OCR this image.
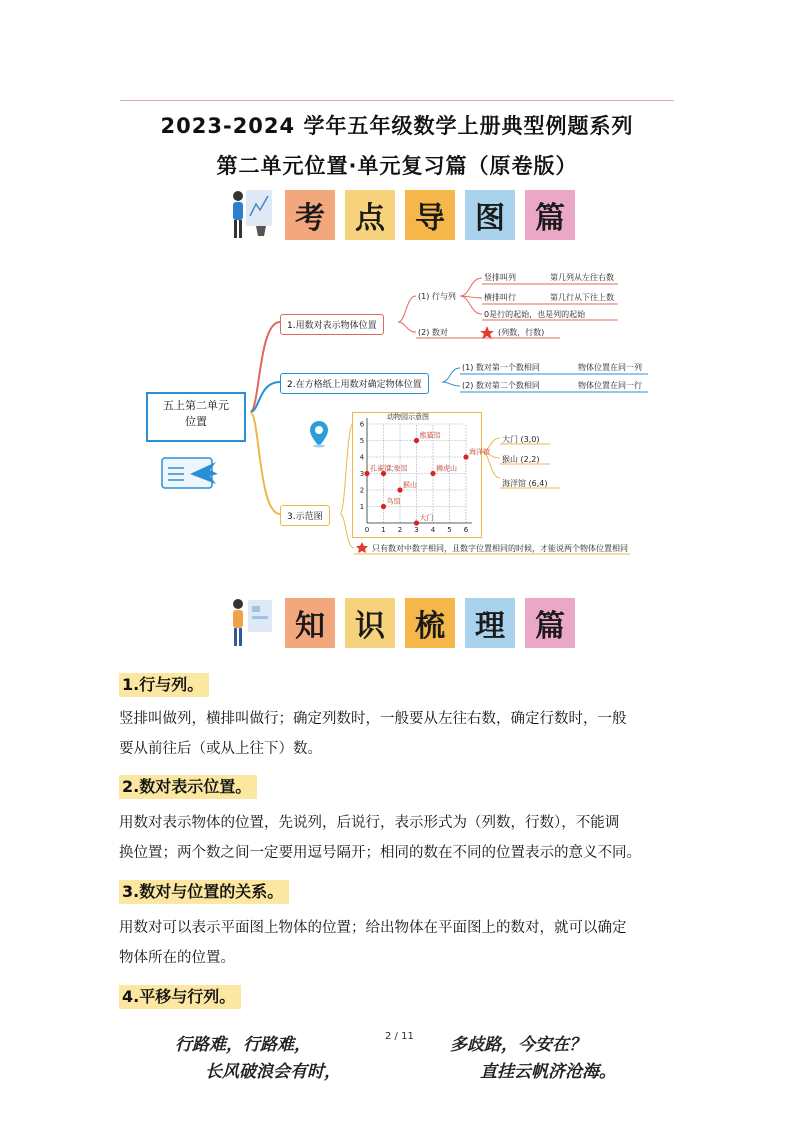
2023-2024 学年五年级数学上册典型例题系列
第二单元位置·单元复习篇（原卷版）
考	点	导	图	篇
五上第二单元
位置
1.用数对表示物体位置
(1) 行与列
竖排叫列	第几列从左往右数
横排叫行	第几行从下往上数
0是行的起始，也是列的起始
(2) 数对	(列数，行数)
2.在方格纸上用数对确定物体位置
(1) 数对第一个数相同	物体位置在同一列
(2) 数对第二个数相同	物体位置在同一行
3.示范图
动物园示意图
0 1 2 3 4 5 6
1
2
3
4
5
6
熊猫馆
大象馆
海洋馆
猴山
狮虎山
孔雀馆
鸟馆
大门
大门 (3,0)
猴山 (2,2)
海洋馆 (6,4)
只有数对中数字相同，且数字位置相同的时候，才能说两个物体位置相同
知	识	梳	理	篇
1.行与列。
竖排叫做列，横排叫做行；确定列数时，一般要从左往右数，确定行数时，一般
要从前往后（或从上往下）数。
2.数对表示位置。
用数对表示物体的位置，先说列，后说行，表示形式为（列数，行数），不能调
换位置；两个数之间一定要用逗号隔开；相同的数在不同的位置表示的意义不同。
3.数对与位置的关系。
用数对可以表示平面图上物体的位置；给出物体在平面图上的数对，就可以确定
物体所在的位置。
4.平移与行列。
行路难，行路难，	2 / 11 多歧路，今安在？
长风破浪会有时，	直挂云帆济沧海。
